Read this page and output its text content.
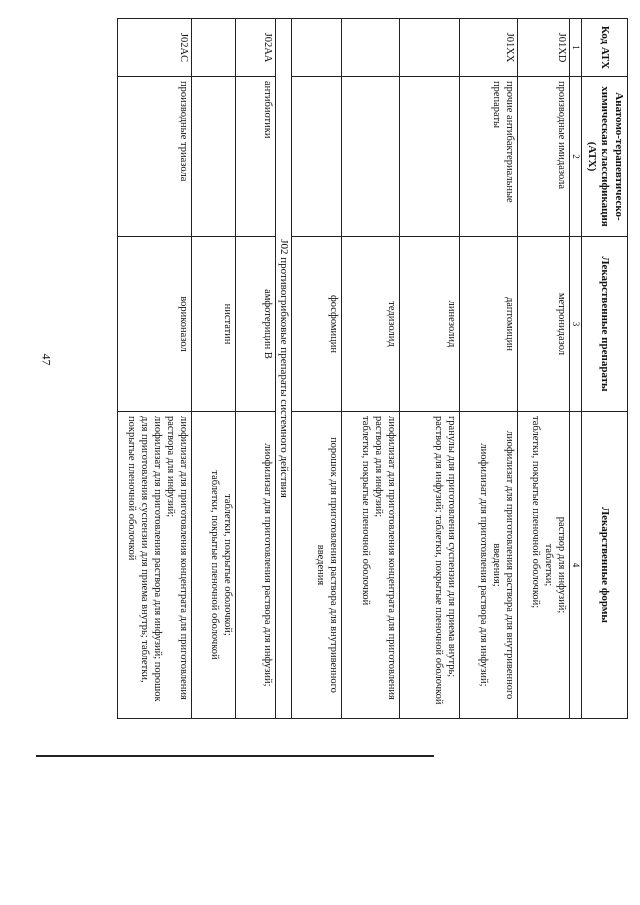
47
Код АТХ	Анатомо-терапевтическо-химическая классификация (АТХ)	Лекарственные препараты	Лекарственные формы
1	2	3	4
J01XD	производные имидазола	метронидазол	раствор для инфузий;
таблетки;
таблетки, покрытые пленочной оболочкой;

J01XX	прочие антибактериальные препараты	даптомицин	лиофилизат для приготовления раствора для внутривенного введения;
лиофилизат для приготовления раствора для инфузий;

		линезолид	гранулы для приготовления суспензии для приема внутрь;
раствор для инфузий; таблетки, покрытые пленочной оболочкой

		тедизолид	лиофилизат для приготовления концентрата для приготовления раствора для инфузий;
таблетки, покрытые пленочной оболочкой

		фосфомицин	порошок для приготовления раствора для внутривенного введения

J02 противогрибковые препараты системного действия			
J02AA	антибиотики	амфотерицин В	лиофилизат для приготовления раствора для инфузий;

		нистатин	таблетки, покрытые оболочкой;
таблетки, покрытые пленочной оболочкой

J02AC	производные триазола	вориконазол	лиофилизат для приготовления концентрата для приготовления раствора для инфузий;
лиофилизат для приготовления раствора для инфузий; порошок для приготовления суспензии для приема внутрь; таблетки, покрытые пленочной оболочкой
